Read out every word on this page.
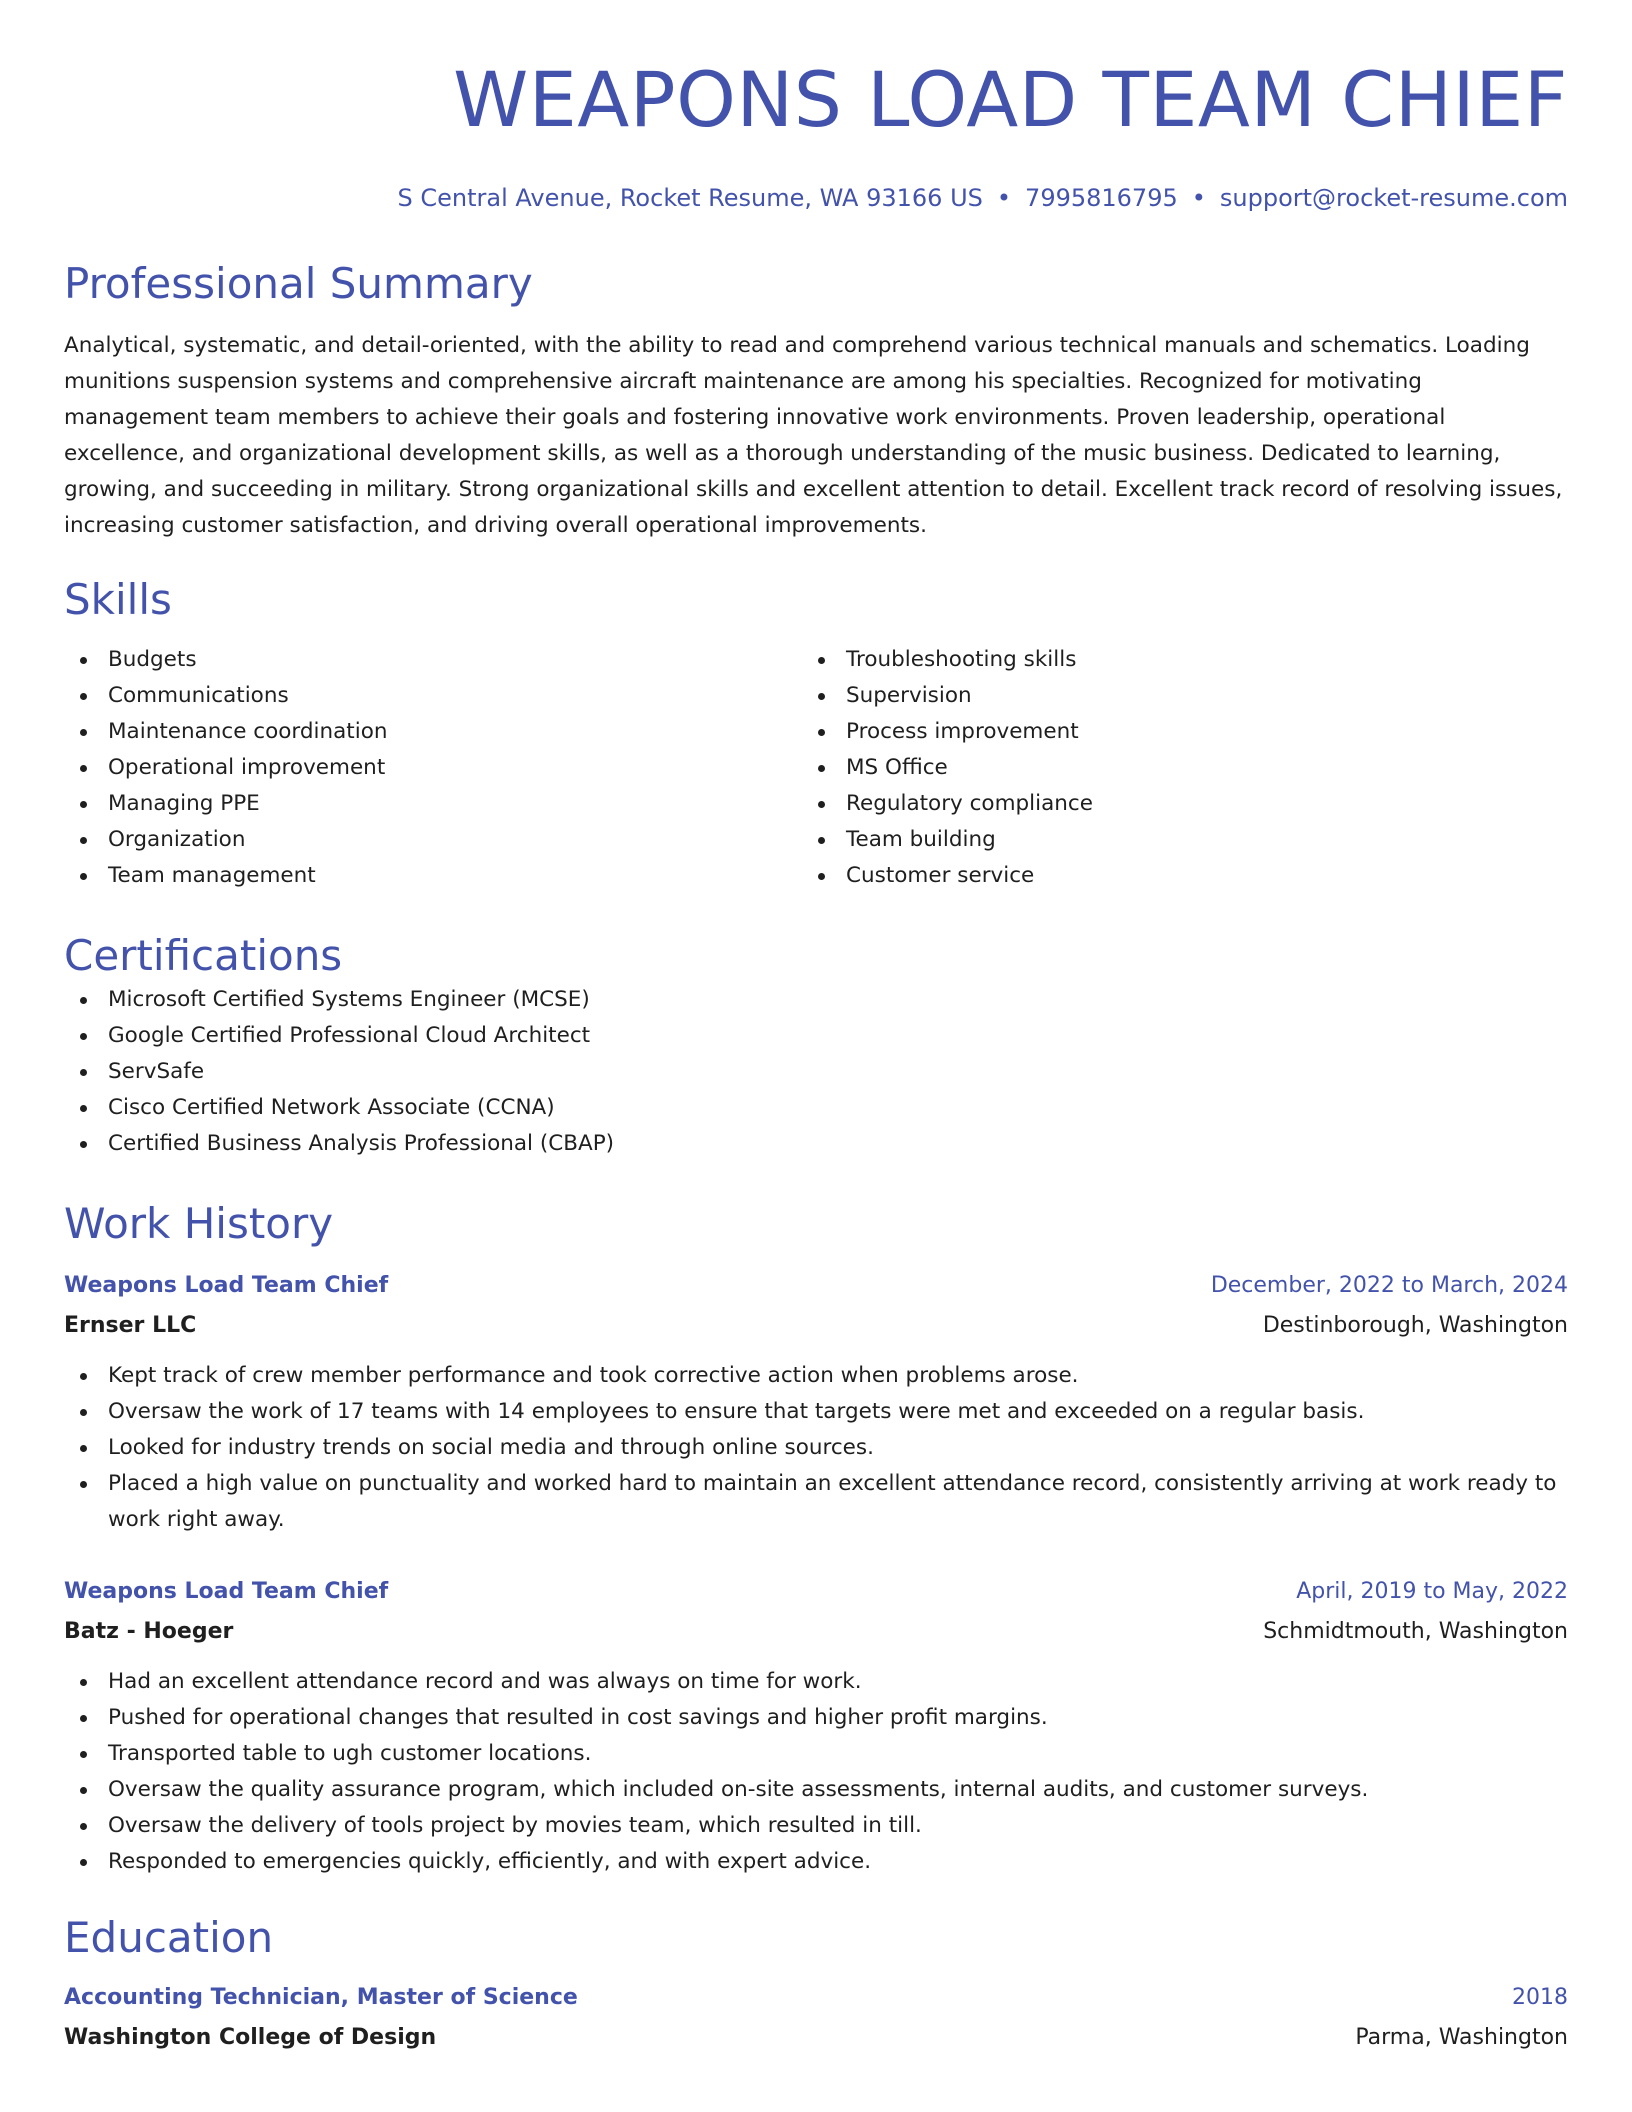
WEAPONS LOAD TEAM CHIEF
S Central Avenue, Rocket Resume, WA 93166 US • 7995816795 • support@rocket-resume.com
Professional Summary
Analytical, systematic, and detail-oriented, with the ability to read and comprehend various technical manuals and schematics. Loading munitions suspension systems and comprehensive aircraft maintenance are among his specialties. Recognized for motivating management team members to achieve their goals and fostering innovative work environments. Proven leadership, operational excellence, and organizational development skills, as well as a thorough understanding of the music business. Dedicated to learning, growing, and succeeding in military. Strong organizational skills and excellent attention to detail. Excellent track record of resolving issues, increasing customer satisfaction, and driving overall operational improvements.
Skills
Budgets
Communications
Maintenance coordination
Operational improvement
Managing PPE
Organization
Team management
Troubleshooting skills
Supervision
Process improvement
MS Office
Regulatory compliance
Team building
Customer service
Certifications
Microsoft Certified Systems Engineer (MCSE)
Google Certified Professional Cloud Architect
ServSafe
Cisco Certified Network Associate (CCNA)
Certified Business Analysis Professional (CBAP)
Work History
Weapons Load Team Chief	December, 2022 to March, 2024
Ernser LLC	Destinborough, Washington
Kept track of crew member performance and took corrective action when problems arose.
Oversaw the work of 17 teams with 14 employees to ensure that targets were met and exceeded on a regular basis.
Looked for industry trends on social media and through online sources.
Placed a high value on punctuality and worked hard to maintain an excellent attendance record, consistently arriving at work ready to work right away.
Weapons Load Team Chief	April, 2019 to May, 2022
Batz - Hoeger	Schmidtmouth, Washington
Had an excellent attendance record and was always on time for work.
Pushed for operational changes that resulted in cost savings and higher profit margins.
Transported table to ugh customer locations.
Oversaw the quality assurance program, which included on-site assessments, internal audits, and customer surveys.
Oversaw the delivery of tools project by movies team, which resulted in till.
Responded to emergencies quickly, efficiently, and with expert advice.
Education
Accounting Technician, Master of Science	2018
Washington College of Design	Parma, Washington
